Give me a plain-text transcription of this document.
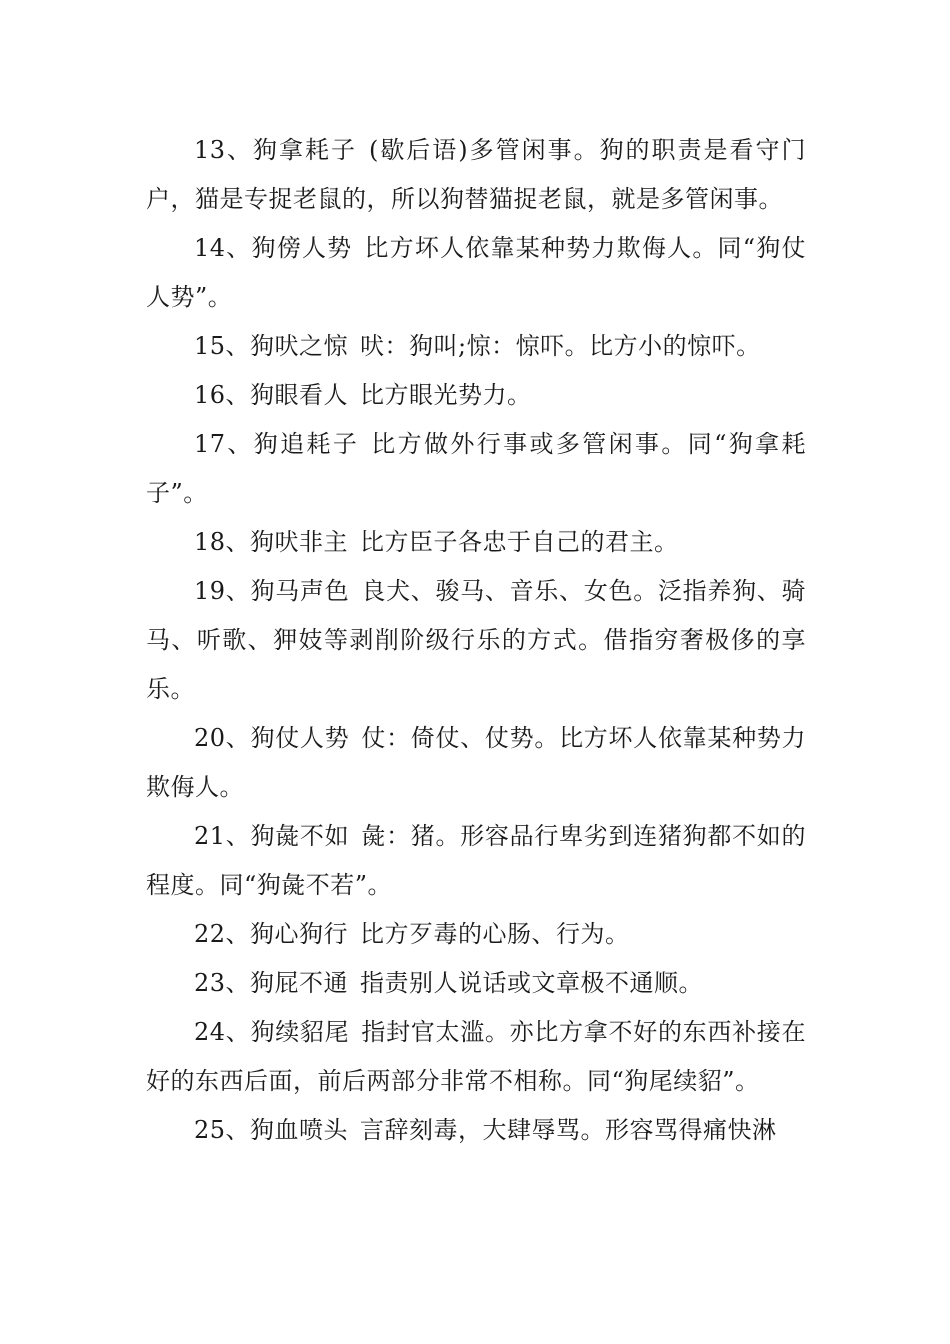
13、狗拿耗子 (歇后语)多管闲事。狗的职责是看守门户，猫是专捉老鼠的，所以狗替猫捉老鼠，就是多管闲事。

14、狗傍人势 比方坏人依靠某种势力欺侮人。同“狗仗人势”。

15、狗吠之惊 吠：狗叫;惊：惊吓。比方小的惊吓。

16、狗眼看人 比方眼光势力。

17、狗追耗子 比方做外行事或多管闲事。同“狗拿耗子”。

18、狗吠非主 比方臣子各忠于自己的君主。

19、狗马声色 良犬、骏马、音乐、女色。泛指养狗、骑马、听歌、狎妓等剥削阶级行乐的方式。借指穷奢极侈的享乐。

20、狗仗人势 仗：倚仗、仗势。比方坏人依靠某种势力欺侮人。

21、狗彘不如 彘：猪。形容品行卑劣到连猪狗都不如的程度。同“狗彘不若”。

22、狗心狗行 比方歹毒的心肠、行为。

23、狗屁不通 指责别人说话或文章极不通顺。

24、狗续貂尾 指封官太滥。亦比方拿不好的东西补接在好的东西后面，前后两部分非常不相称。同“狗尾续貂”。

25、狗血喷头 言辞刻毒，大肆辱骂。形容骂得痛快淋
